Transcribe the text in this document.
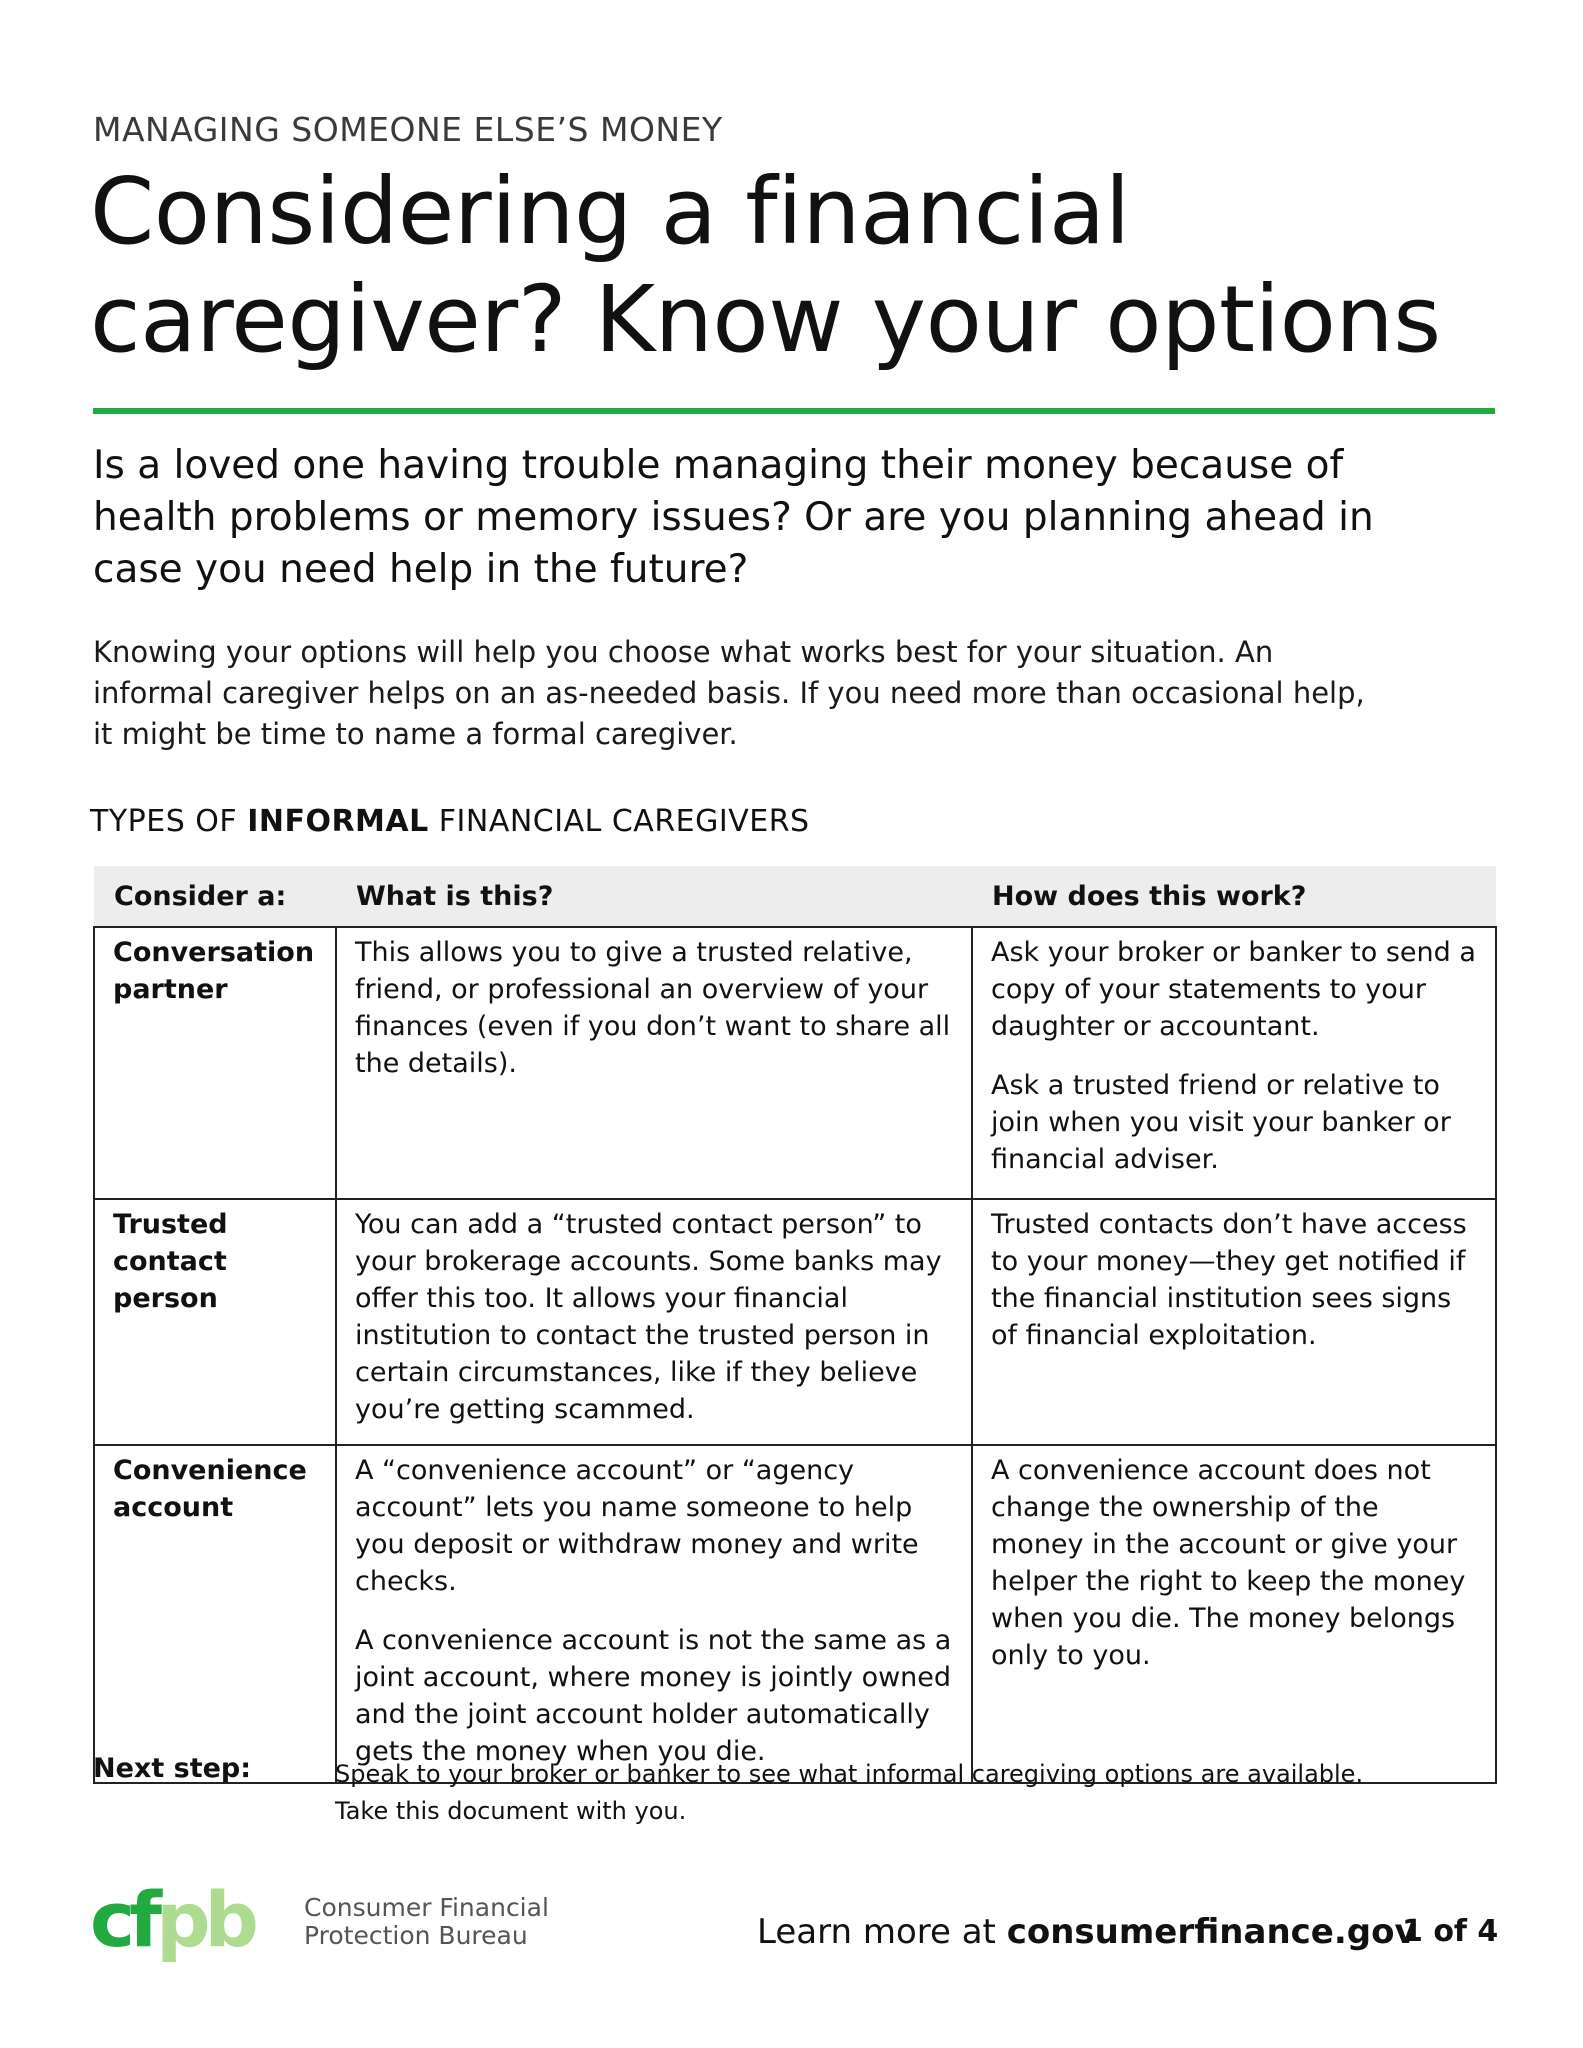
MANAGING SOMEONE ELSE’S MONEY
Considering a financial caregiver? Know your options
Is a loved one having trouble managing their money because of health problems or memory issues? Or are you planning ahead in case you need help in the future?
Knowing your options will help you choose what works best for your situation. An informal caregiver helps on an as-needed basis. If you need more than occasional help, it might be time to name a formal caregiver.
TYPES OF INFORMAL FINANCIAL CAREGIVERS
Consider a:	What is this?	How does this work?
Conversation partner	This allows you to give a trusted relative, friend, or professional an overview of your finances (even if you don’t want to share all the details).	Ask your broker or banker to send a copy of your statements to your daughter or accountant.

Ask a trusted friend or relative to join when you visit your banker or financial adviser.

Trusted contact person	You can add a “trusted contact person” to your brokerage accounts. Some banks may offer this too. It allows your financial institution to contact the trusted person in certain circumstances, like if they believe you’re getting scammed.	Trusted contacts don’t have access to your money—they get notified if the financial institution sees signs of financial exploitation.

Convenience account	A “convenience account” or “agency account” lets you name someone to help you deposit or withdraw money and write checks.

A convenience account is not the same as a joint account, where money is jointly owned and the joint account holder automatically gets the money when you die.	A convenience account does not change the ownership of the money in the account or give your helper the right to keep the money when you die. The money belongs only to you.

Next step:	Speak to your broker or banker to see what informal caregiving options are available.
Take this document with you.
cfpb Consumer Financial
Protection Bureau	Learn more at consumerfinance.gov
1 of 4
